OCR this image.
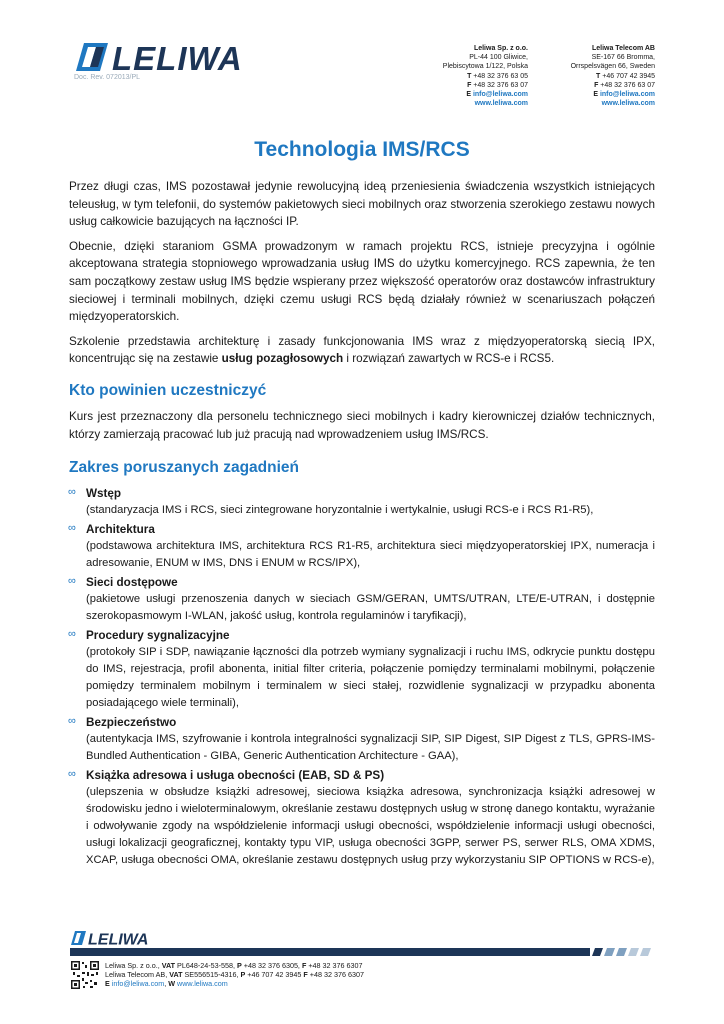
LELIWA
Doc. Rev. 072013/PL
Leliwa Sp. z o.o.
PL-44 100 Gliwice,
Plebiscytowa 1/122, Polska
T +48 32 376 63 05
F +48 32 376 63 07
E info@leliwa.com
www.leliwa.com
Leliwa Telecom AB
SE-167 66 Bromma,
Orrspelsvägen 66, Sweden
T +46 707 42 3945
F +48 32 376 63 07
E info@leliwa.com
www.leliwa.com
Technologia IMS/RCS

Przez długi czas, IMS pozostawał jedynie rewolucyjną ideą przeniesienia świadczenia wszystkich istniejących teleusług, w tym telefonii, do systemów pakietowych sieci mobilnych oraz stworzenia szerokiego zestawu nowych usług całkowicie bazujących na łączności IP.

Obecnie, dzięki staraniom GSMA prowadzonym w ramach projektu RCS, istnieje precyzyjna i ogólnie akceptowana strategia stopniowego wprowadzania usług IMS do użytku komercyjnego. RCS zapewnia, że ten sam początkowy zestaw usług IMS będzie wspierany przez większość operatorów oraz dostawców infrastruktury sieciowej i terminali mobilnych, dzięki czemu usługi RCS będą działały również w scenariuszach połączeń międzyoperatorskich.

Szkolenie przedstawia architekturę i zasady funkcjonowania IMS wraz z międzyoperatorską siecią IPX, koncentrując się na zestawie usług pozagłosowych i rozwiązań zawartych w RCS-e i RCS5.

Kto powinien uczestniczyć

Kurs jest przeznaczony dla personelu technicznego sieci mobilnych i kadry kierowniczej działów technicznych, którzy zamierzają pracować lub już pracują nad wprowadzeniem usług IMS/RCS.

Zakres poruszanych zagadnień
∞ Wstęp
(standaryzacja IMS i RCS, sieci zintegrowane horyzontalnie i wertykalnie, usługi RCS-e i RCS R1-R5),
∞ Architektura
(podstawowa architektura IMS, architektura RCS R1-R5, architektura sieci międzyoperatorskiej IPX, numeracja i adresowanie, ENUM w IMS, DNS i ENUM w RCS/IPX),
∞ Sieci dostępowe
(pakietowe usługi przenoszenia danych w sieciach GSM/GERAN, UMTS/UTRAN, LTE/E-UTRAN, i dostępnie szerokopasmowym I-WLAN, jakość usług, kontrola regulaminów i taryfikacji),
∞ Procedury sygnalizacyjne
(protokoły SIP i SDP, nawiązanie łączności dla potrzeb wymiany sygnalizacji i ruchu IMS, odkrycie punktu dostępu do IMS, rejestracja, profil abonenta, initial filter criteria, połączenie pomiędzy terminalami mobilnymi, połączenie pomiędzy terminalem mobilnym i terminalem w sieci stałej, rozwidlenie sygnalizacji w przypadku abonenta posiadającego wiele terminali),
∞ Bezpieczeństwo
(autentykacja IMS, szyfrowanie i kontrola integralności sygnalizacji SIP, SIP Digest, SIP Digest z TLS, GPRS-IMS-Bundled Authentication - GIBA, Generic Authentication Architecture - GAA),
∞ Książka adresowa i usługa obecności (EAB, SD & PS)
(ulepszenia w obsłudze książki adresowej, sieciowa książka adresowa, synchronizacja książki adresowej w środowisku jedno i wieloterminalowym, określanie zestawu dostępnych usług w stronę danego kontaktu, wyrażanie i odwoływanie zgody na współdzielenie informacji usługi obecności, współdzielenie informacji usługi obecności, usługi lokalizacji geograficznej, kontakty typu VIP, usługa obecności 3GPP, serwer PS, serwer RLS, OMA XDMS, XCAP, usługa obecności OMA, określanie zestawu dostępnych usług przy wykorzystaniu SIP OPTIONS w RCS-e),
LELIWA
Leliwa Sp. z o.o., VAT PL648-24-53-558, P +48 32 376 6305, F +48 32 376 6307
Leliwa Telecom AB, VAT SE556515-4316, P +46 707 42 3945 F +48 32 376 6307
E info@leliwa.com, W www.leliwa.com
